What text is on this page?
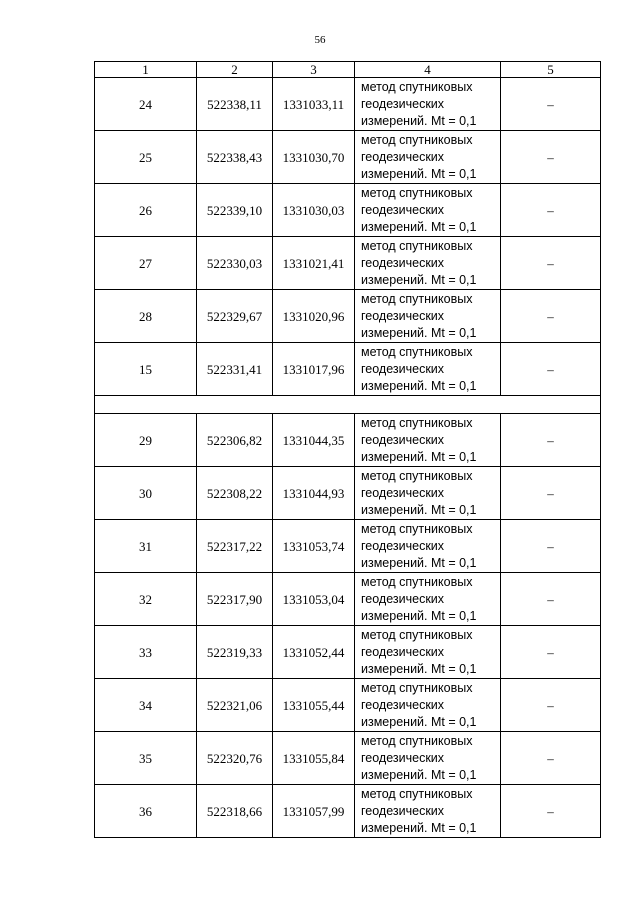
56
1	2	3	4	5
24	522338,11	1331033,11	метод спутниковых
геодезических
измерений. Mt = 0,1	–
25	522338,43	1331030,70	метод спутниковых
геодезических
измерений. Mt = 0,1	–
26	522339,10	1331030,03	метод спутниковых
геодезических
измерений. Mt = 0,1	–
27	522330,03	1331021,41	метод спутниковых
геодезических
измерений. Mt = 0,1	–
28	522329,67	1331020,96	метод спутниковых
геодезических
измерений. Mt = 0,1	–
15	522331,41	1331017,96	метод спутниковых
геодезических
измерений. Mt = 0,1	–

29	522306,82	1331044,35	метод спутниковых
геодезических
измерений. Mt = 0,1	–
30	522308,22	1331044,93	метод спутниковых
геодезических
измерений. Mt = 0,1	–
31	522317,22	1331053,74	метод спутниковых
геодезических
измерений. Mt = 0,1	–
32	522317,90	1331053,04	метод спутниковых
геодезических
измерений. Mt = 0,1	–
33	522319,33	1331052,44	метод спутниковых
геодезических
измерений. Mt = 0,1	–
34	522321,06	1331055,44	метод спутниковых
геодезических
измерений. Mt = 0,1	–
35	522320,76	1331055,84	метод спутниковых
геодезических
измерений. Mt = 0,1	–
36	522318,66	1331057,99	метод спутниковых
геодезических
измерений. Mt = 0,1	–
